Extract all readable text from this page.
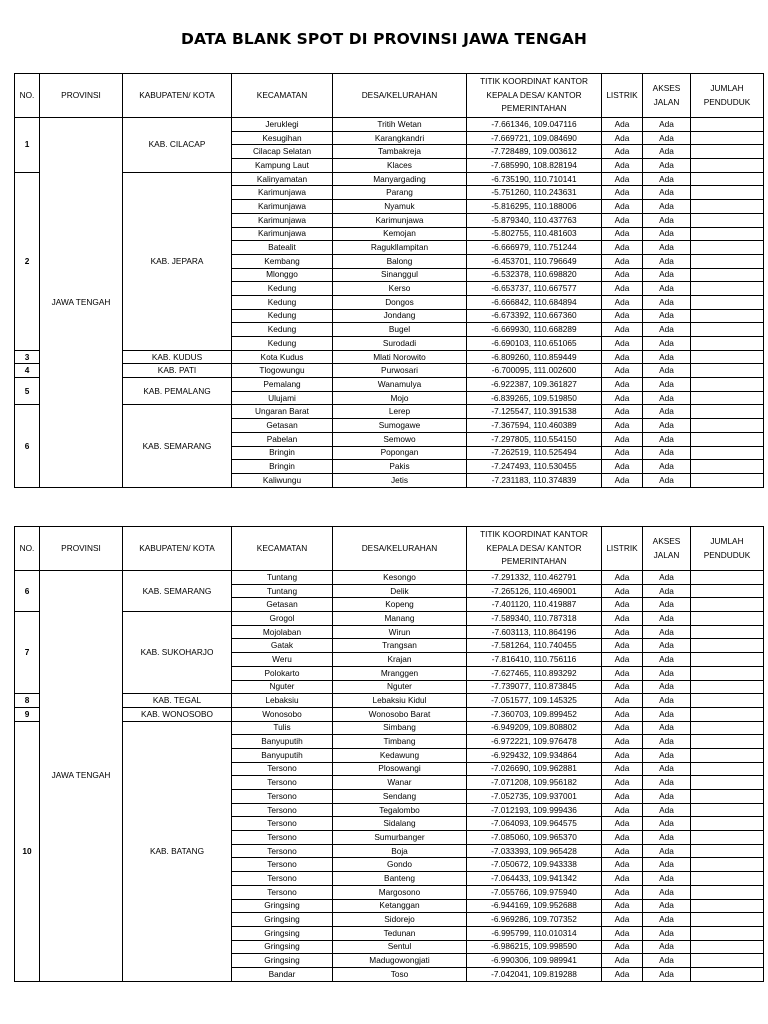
DATA BLANK SPOT DI PROVINSI JAWA TENGAH
NO.	PROVINSI	KABUPATEN/ KOTA	KECAMATAN	DESA/KELURAHAN	TITIK KOORDINAT KANTOR
KEPALA DESA/ KANTOR
PEMERINTAHAN	LISTRIK	AKSES
JALAN	JUMLAH
PENDUDUK
1	JAWA TENGAH	KAB. CILACAP	Jeruklegi	Tritih Wetan	-7.661346, 109.047116	Ada	Ada	
			Kesugihan	Karangkandri	-7.669721, 109.084690	Ada	Ada	
			Cilacap Selatan	Tambakreja	-7.728489, 109.003612	Ada	Ada	
			Kampung Laut	Klaces	-7.685990, 108.828194	Ada	Ada	
2		KAB. JEPARA	Kalinyamatan	Manyargading	-6.735190, 110.710141	Ada	Ada	
			Karimunjawa	Parang	-5.751260, 110.243631	Ada	Ada	
			Karimunjawa	Nyamuk	-5.816295, 110.188006	Ada	Ada	
			Karimunjawa	Karimunjawa	-5.879340, 110.437763	Ada	Ada	
			Karimunjawa	Kemojan	-5.802755, 110.481603	Ada	Ada	
			Batealit	Ragukllampitan	-6.666979, 110.751244	Ada	Ada	
			Kembang	Balong	-6.453701, 110.796649	Ada	Ada	
			Mlonggo	Sinanggul	-6.532378, 110.698820	Ada	Ada	
			Kedung	Kerso	-6.653737, 110.667577	Ada	Ada	
			Kedung	Dongos	-6.666842, 110.684894	Ada	Ada	
			Kedung	Jondang	-6.673392, 110.667360	Ada	Ada	
			Kedung	Bugel	-6.669930, 110.668289	Ada	Ada	
			Kedung	Surodadi	-6.690103, 110.651065	Ada	Ada	
3		KAB. KUDUS	Kota Kudus	Mlati Norowito	-6.809260, 110.859449	Ada	Ada	
4		KAB. PATI	Tlogowungu	Purwosari	-6.700095, 111.002600	Ada	Ada	
5		KAB. PEMALANG	Pemalang	Wanamulya	-6.922387, 109.361827	Ada	Ada	
			Ulujami	Mojo	-6.839265, 109.519850	Ada	Ada	
6		KAB. SEMARANG	Ungaran Barat	Lerep	-7.125547, 110.391538	Ada	Ada	
			Getasan	Sumogawe	-7.367594, 110.460389	Ada	Ada	
			Pabelan	Semowo	-7.297805, 110.554150	Ada	Ada	
			Bringin	Popongan	-7.262519, 110.525494	Ada	Ada	
			Bringin	Pakis	-7.247493, 110.530455	Ada	Ada	
			Kaliwungu	Jetis	-7.231183, 110.374839	Ada	Ada	
NO.	PROVINSI	KABUPATEN/ KOTA	KECAMATAN	DESA/KELURAHAN	TITIK KOORDINAT KANTOR
KEPALA DESA/ KANTOR
PEMERINTAHAN	LISTRIK	AKSES
JALAN	JUMLAH
PENDUDUK
6	JAWA TENGAH	KAB. SEMARANG	Tuntang	Kesongo	-7.291332, 110.462791	Ada	Ada	
			Tuntang	Delik	-7.265126, 110.469001	Ada	Ada	
			Getasan	Kopeng	-7.401120, 110.419887	Ada	Ada	
7		KAB. SUKOHARJO	Grogol	Manang	-7.589340, 110.787318	Ada	Ada	
			Mojolaban	Wirun	-7.603113, 110.864196	Ada	Ada	
			Gatak	Trangsan	-7.581264, 110.740455	Ada	Ada	
			Weru	Krajan	-7.816410, 110.756116	Ada	Ada	
			Polokarto	Mranggen	-7.627465, 110.893292	Ada	Ada	
			Nguter	Nguter	-7.739077, 110.873845	Ada	Ada	
8		KAB. TEGAL	Lebaksiu	Lebaksiu Kidul	-7.051577, 109.145325	Ada	Ada	
9		KAB. WONOSOBO	Wonosobo	Wonosobo Barat	-7.360703, 109.899452	Ada	Ada	
10		KAB. BATANG	Tulis	Simbang	-6.949209, 109.808802	Ada	Ada	
			Banyuputih	Timbang	-6.972221, 109.976478	Ada	Ada	
			Banyuputih	Kedawung	-6.929432, 109.934864	Ada	Ada	
			Tersono	Plosowangi	-7.026690, 109.962881	Ada	Ada	
			Tersono	Wanar	-7.071208, 109.956182	Ada	Ada	
			Tersono	Sendang	-7.052735, 109.937001	Ada	Ada	
			Tersono	Tegalombo	-7.012193, 109.999436	Ada	Ada	
			Tersono	Sidalang	-7.064093, 109.964575	Ada	Ada	
			Tersono	Sumurbanger	-7.085060, 109.965370	Ada	Ada	
			Tersono	Boja	-7.033393, 109.965428	Ada	Ada	
			Tersono	Gondo	-7.050672, 109.943338	Ada	Ada	
			Tersono	Banteng	-7.064433, 109.941342	Ada	Ada	
			Tersono	Margosono	-7.055766, 109.975940	Ada	Ada	
			Gringsing	Ketanggan	-6.944169, 109.952688	Ada	Ada	
			Gringsing	Sidorejo	-6.969286, 109.707352	Ada	Ada	
			Gringsing	Tedunan	-6.995799, 110.010314	Ada	Ada	
			Gringsing	Sentul	-6.986215, 109.998590	Ada	Ada	
			Gringsing	Madugowongjati	-6.990306, 109.989941	Ada	Ada	
			Bandar	Toso	-7.042041, 109.819288	Ada	Ada	
